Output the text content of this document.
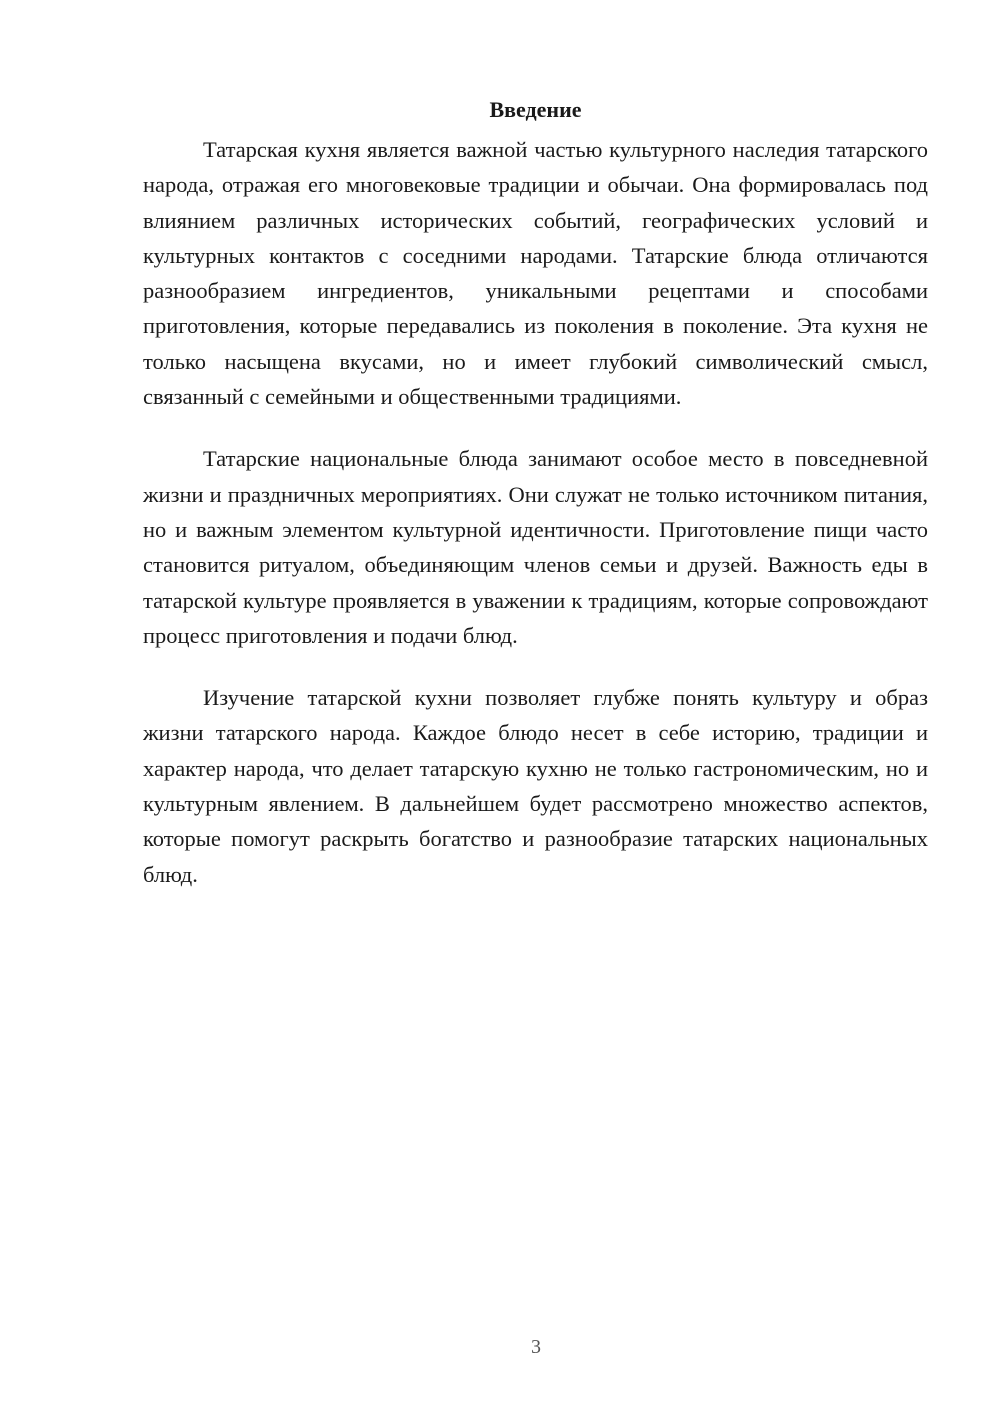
Введение

Татарская кухня является важной частью культурного наследия татарского народа, отражая его многовековые традиции и обычаи. Она формировалась под влиянием различных исторических событий, географических условий и культурных контактов с соседними народами. Татарские блюда отличаются разнообразием ингредиентов, уникальными рецептами и способами приготовления, которые передавались из поколения в поколение. Эта кухня не только насыщена вкусами, но и имеет глубокий символический смысл, связанный с семейными и общественными традициями.

Татарские национальные блюда занимают особое место в повседневной жизни и праздничных мероприятиях. Они служат не только источником питания, но и важным элементом культурной идентичности. Приготовление пищи часто становится ритуалом, объединяющим членов семьи и друзей. Важность еды в татарской культуре проявляется в уважении к традициям, которые сопровождают процесс приготовления и подачи блюд.

Изучение татарской кухни позволяет глубже понять культуру и образ жизни татарского народа. Каждое блюдо несет в себе историю, традиции и характер народа, что делает татарскую кухню не только гастрономическим, но и культурным явлением. В дальнейшем будет рассмотрено множество аспектов, которые помогут раскрыть богатство и разнообразие татарских национальных блюд.

3
